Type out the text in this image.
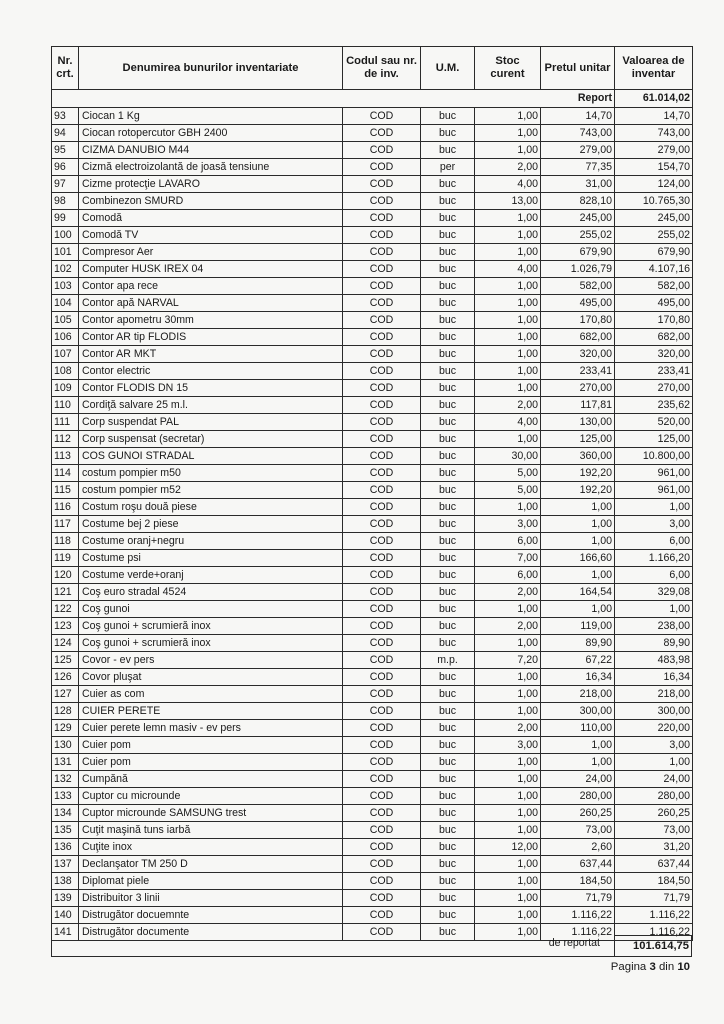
Nr. crt.	Denumirea bunurilor inventariate	Codul sau nr. de inv.	U.M.	Stoc curent	Pretul unitar	Valoarea de inventar
					Report	61.014,02
93	Ciocan 1 Kg	COD	buc	1,00	14,70	14,70
94	Ciocan rotopercutor GBH 2400	COD	buc	1,00	743,00	743,00
95	CIZMA DANUBIO M44	COD	buc	1,00	279,00	279,00
96	Cizmă electroizolantă de joasă tensiune	COD	per	2,00	77,35	154,70
97	Cizme protecţie LAVARO	COD	buc	4,00	31,00	124,00
98	Combinezon SMURD	COD	buc	13,00	828,10	10.765,30
99	Comodă	COD	buc	1,00	245,00	245,00
100	Comodă TV	COD	buc	1,00	255,02	255,02
101	Compresor Aer	COD	buc	1,00	679,90	679,90
102	Computer HUSK IREX 04	COD	buc	4,00	1.026,79	4.107,16
103	Contor apa rece	COD	buc	1,00	582,00	582,00
104	Contor apă NARVAL	COD	buc	1,00	495,00	495,00
105	Contor apometru 30mm	COD	buc	1,00	170,80	170,80
106	Contor AR tip FLODIS	COD	buc	1,00	682,00	682,00
107	Contor AR MKT	COD	buc	1,00	320,00	320,00
108	Contor electric	COD	buc	1,00	233,41	233,41
109	Contor FLODIS DN 15	COD	buc	1,00	270,00	270,00
110	Cordiţă salvare 25 m.l.	COD	buc	2,00	117,81	235,62
111	Corp suspendat PAL	COD	buc	4,00	130,00	520,00
112	Corp suspensat (secretar)	COD	buc	1,00	125,00	125,00
113	COS GUNOI STRADAL	COD	buc	30,00	360,00	10.800,00
114	costum pompier m50	COD	buc	5,00	192,20	961,00
115	costum pompier m52	COD	buc	5,00	192,20	961,00
116	Costum roşu două piese	COD	buc	1,00	1,00	1,00
117	Costume bej 2 piese	COD	buc	3,00	1,00	3,00
118	Costume oranj+negru	COD	buc	6,00	1,00	6,00
119	Costume psi	COD	buc	7,00	166,60	1.166,20
120	Costume verde+oranj	COD	buc	6,00	1,00	6,00
121	Coş euro stradal 4524	COD	buc	2,00	164,54	329,08
122	Coş gunoi	COD	buc	1,00	1,00	1,00
123	Coş gunoi + scrumieră inox	COD	buc	2,00	119,00	238,00
124	Coş gunoi + scrumieră inox	COD	buc	1,00	89,90	89,90
125	Covor - ev pers	COD	m.p.	7,20	67,22	483,98
126	Covor pluşat	COD	buc	1,00	16,34	16,34
127	Cuier as com	COD	buc	1,00	218,00	218,00
128	CUIER PERETE	COD	buc	1,00	300,00	300,00
129	Cuier perete lemn masiv - ev pers	COD	buc	2,00	110,00	220,00
130	Cuier pom	COD	buc	3,00	1,00	3,00
131	Cuier pom	COD	buc	1,00	1,00	1,00
132	Cumpănă	COD	buc	1,00	24,00	24,00
133	Cuptor cu microunde	COD	buc	1,00	280,00	280,00
134	Cuptor microunde SAMSUNG trest	COD	buc	1,00	260,25	260,25
135	Cuţit maşină tuns iarbă	COD	buc	1,00	73,00	73,00
136	Cuţite inox	COD	buc	12,00	2,60	31,20
137	Declanşator TM 250 D	COD	buc	1,00	637,44	637,44
138	Diplomat piele	COD	buc	1,00	184,50	184,50
139	Distribuitor 3 linii	COD	buc	1,00	71,79	71,79
140	Distrugător docuemnte	COD	buc	1,00	1.116,22	1.116,22
141	Distrugător documente	COD	buc	1,00	1.116,22	1.116,22
de reportat	101.614,75
Pagina 3 din 10
